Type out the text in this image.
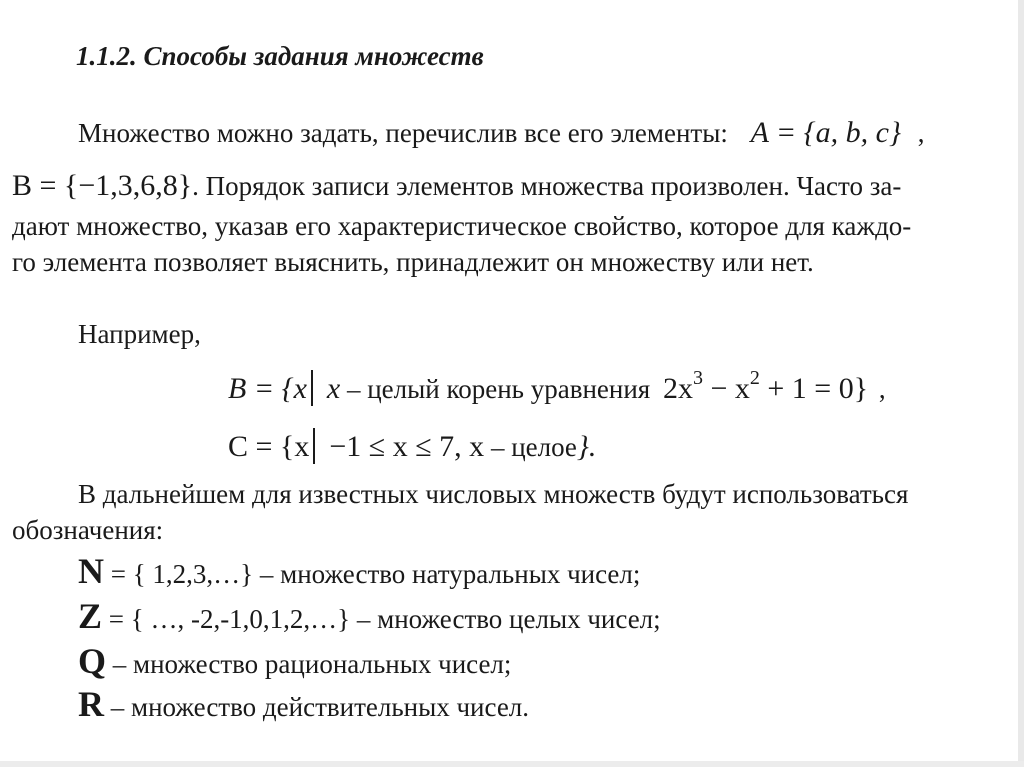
1.1.2. Способы задания множеств
Множество можно задать, перечислив все его элементы: A = {a, b, c} ,
B = {−1,3,6,8}. Порядок записи элементов множества произволен. Часто за-
дают множество, указав его характеристическое свойство, которое для каждо-
го элемента позволяет выяснить, принадлежит он множеству или нет.
Например,
B = {x x – целый корень уравнения $2x^3 - x^2 + 1 = 0$} ,
C = {x −1 ≤ x ≤ 7, x – целое}.
В дальнейшем для известных числовых множеств будут использоваться
обозначения:
N = { 1,2,3,…} – множество натуральных чисел;
Z = { …, -2,-1,0,1,2,…} – множество целых чисел;
Q – множество рациональных чисел;
R – множество действительных чисел.
